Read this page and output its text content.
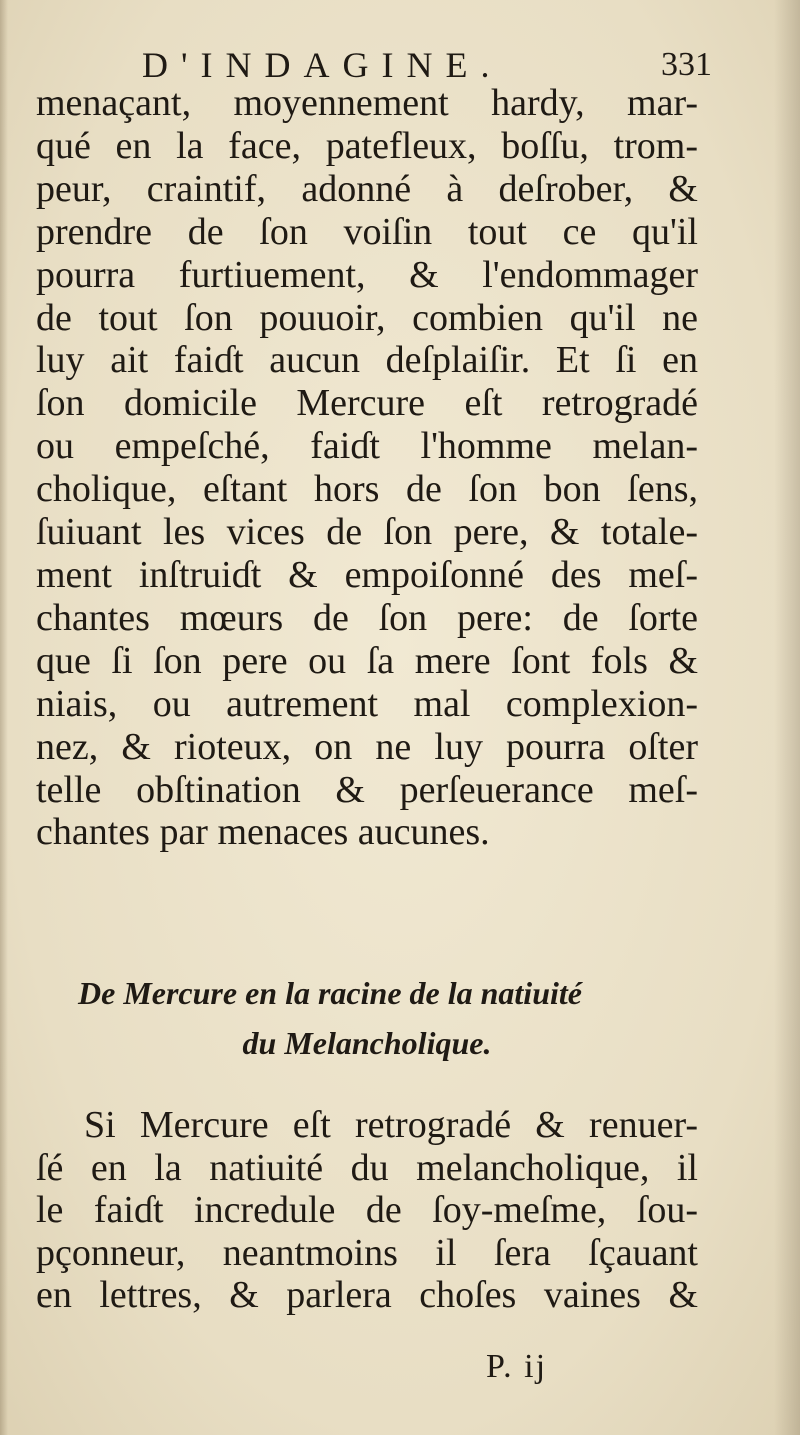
D'INDAGINE.	331

menaçant, moyennement hardy, mar-
qué en la face, patefleux, boſſu, trom-
peur, craintif, adonné à deſrober, &
prendre de ſon voiſin tout ce qu'il
pourra furtiuement, & l'endommager
de tout ſon pouuoir, combien qu'il ne
luy ait faiɗt aucun deſplaiſir. Et ſi en
ſon domicile Mercure eſt retrogradé
ou empeſché, faiɗt l'homme melan-
cholique, eſtant hors de ſon bon ſens,
ſuiuant les vices de ſon pere, & totale-
ment inſtruiɗt & empoiſonné des meſ-
chantes mœurs de ſon pere: de ſorte
que ſi ſon pere ou ſa mere ſont fols &
niais, ou autrement mal complexion-
nez, & rioteux, on ne luy pourra oſter
telle obſtination & perſeuerance meſ-
chantes par menaces aucunes.

De Mercure en la racine de la natiuité
du Melancholique.

Si Mercure eſt retrogradé & renuer-
ſé en la natiuité du melancholique, il
le faiɗt incredule de ſoy-meſme, ſou-
pçonneur, neantmoins il ſera ſçauant
en lettres, & parlera choſes vaines &

P. ij
